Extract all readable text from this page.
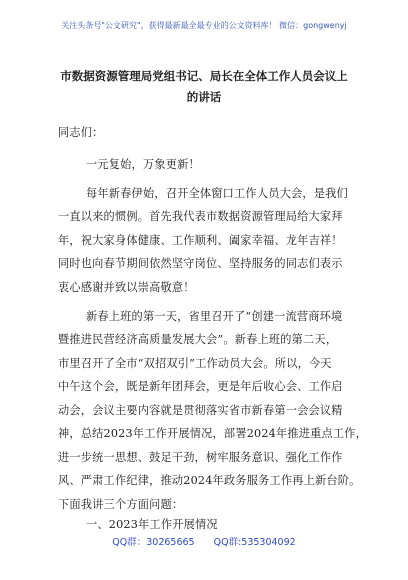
关注头条号"公文研究"，获得最新最全最专业的公文资料库！ 微信：gongwenyj
市数据资源管理局党组书记、局长在全体工作人员会议上
的讲话
同志们：
一元复始，万象更新！
每年新春伊始，召开全体窗口工作人员大会，是我们
一直以来的惯例。首先我代表市数据资源管理局给大家拜
年，祝大家身体健康、工作顺利、阖家幸福、龙年吉祥！
同时也向春节期间依然坚守岗位、坚持服务的同志们表示
衷心感谢并致以崇高敬意！
新春上班的第一天，省里召开了“创建一流营商环境
暨推进民营经济高质量发展大会”。新春上班的第二天，
市里召开了全市“双招双引”工作动员大会。所以，今天
中午这个会，既是新年团拜会，更是年后收心会、工作启
动会，会议主要内容就是贯彻落实省市新春第一会会议精
神，总结2023年工作开展情况，部署2024年推进重点工作，
进一步统一思想、鼓足干劲，树牢服务意识、强化工作作
风、严肃工作纪律，推动2024年政务服务工作再上新台阶。
下面我讲三个方面问题：
一、2023年工作开展情况
QQ群：30265665 QQ群:535304092
